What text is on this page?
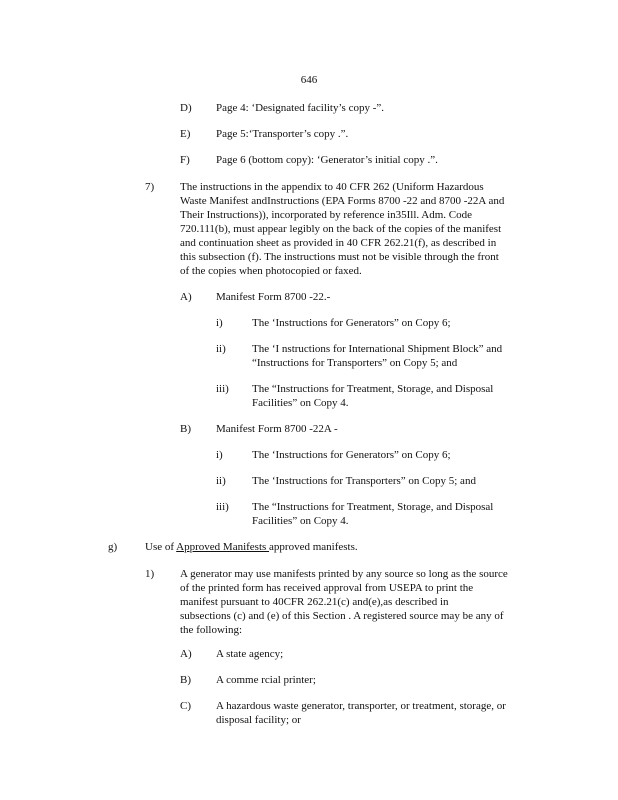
646
D) Page 4: ‘Designated facility’s copy -”.
E) Page 5:‘Transporter’s copy .”.
F) Page 6 (bottom copy): ‘Generator’s initial copy .”.
7) The instructions in the appendix to 40 CFR 262 (Uniform Hazardous
Waste Manifest andInstructions (EPA Forms 8700 -22 and 8700 -22A and
Their Instructions)), incorporated by reference in35Ill. Adm. Code
720.111(b), must appear legibly on the back of the copies of the manifest
and continuation sheet as provided in 40 CFR 262.21(f), as described in
this subsection (f). The instructions must not be visible through the front
of the copies when photocopied or faxed.
A) Manifest Form 8700 -22.-
i)	The ‘Instructions for Generators” on Copy 6;
ii) The ‘I nstructions for International Shipment Block” and
“Instructions for Transporters” on Copy 5; and
iii) The “Instructions for Treatment, Storage, and Disposal
Facilities” on Copy 4.
B) Manifest Form 8700 -22A -
i)	The ‘Instructions for Generators” on Copy 6;
ii) The ‘Instructions for Transporters” on Copy 5; and
iii) The “Instructions for Treatment, Storage, and Disposal
Facilities” on Copy 4.
g)	Use of Approved Manifests approved manifests.
1) A generator may use manifests printed by any source so long as the source
of the printed form has received approval from USEPA to print the
manifest pursuant to 40CFR 262.21(c) and(e),as described in
subsections (c) and (e) of this Section . A registered source may be any of
the following:
A) A state agency;
B) A comme rcial printer;
C) A hazardous waste generator, transporter, or treatment, storage, or
disposal facility; or
